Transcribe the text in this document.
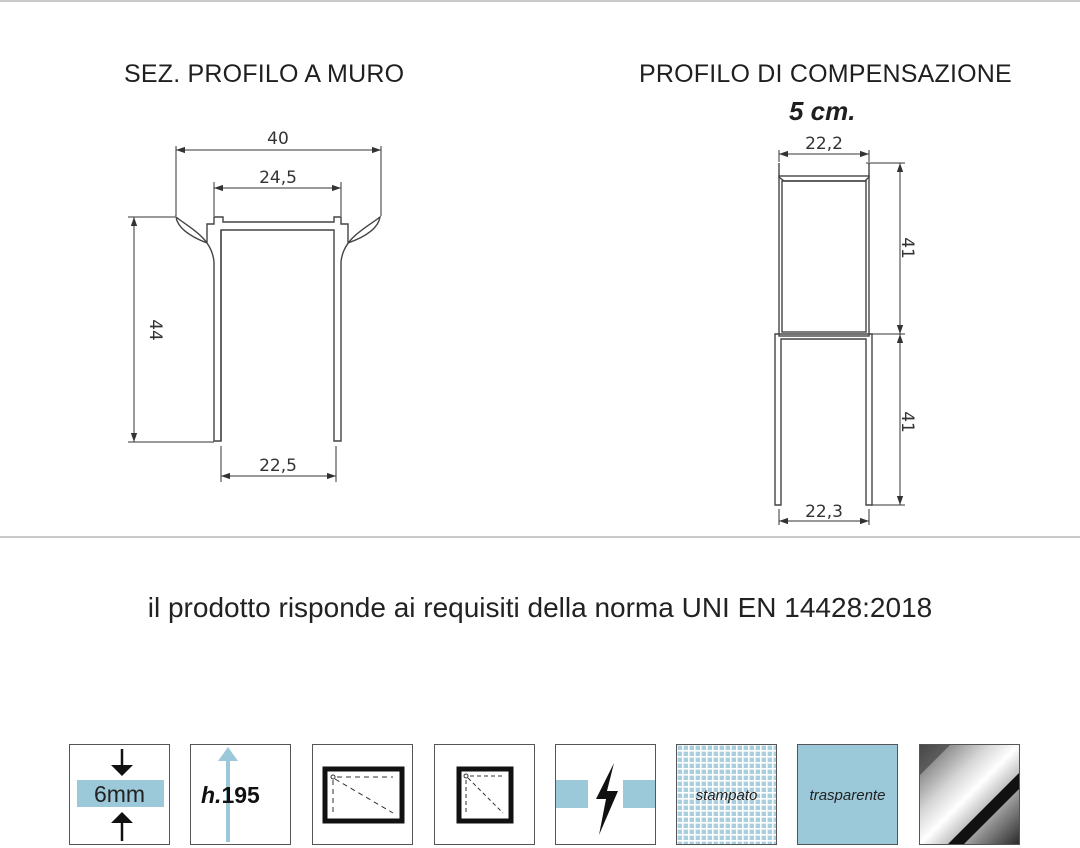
SEZ. PROFILO A MURO	PROFILO DI COMPENSAZIONE
5 cm.
40
24,5
44
22,5
22,2
41
41
22,3
il prodotto risponde ai requisiti della norma UNI EN 14428:2018
6mm	h.195	stampato	trasparente
